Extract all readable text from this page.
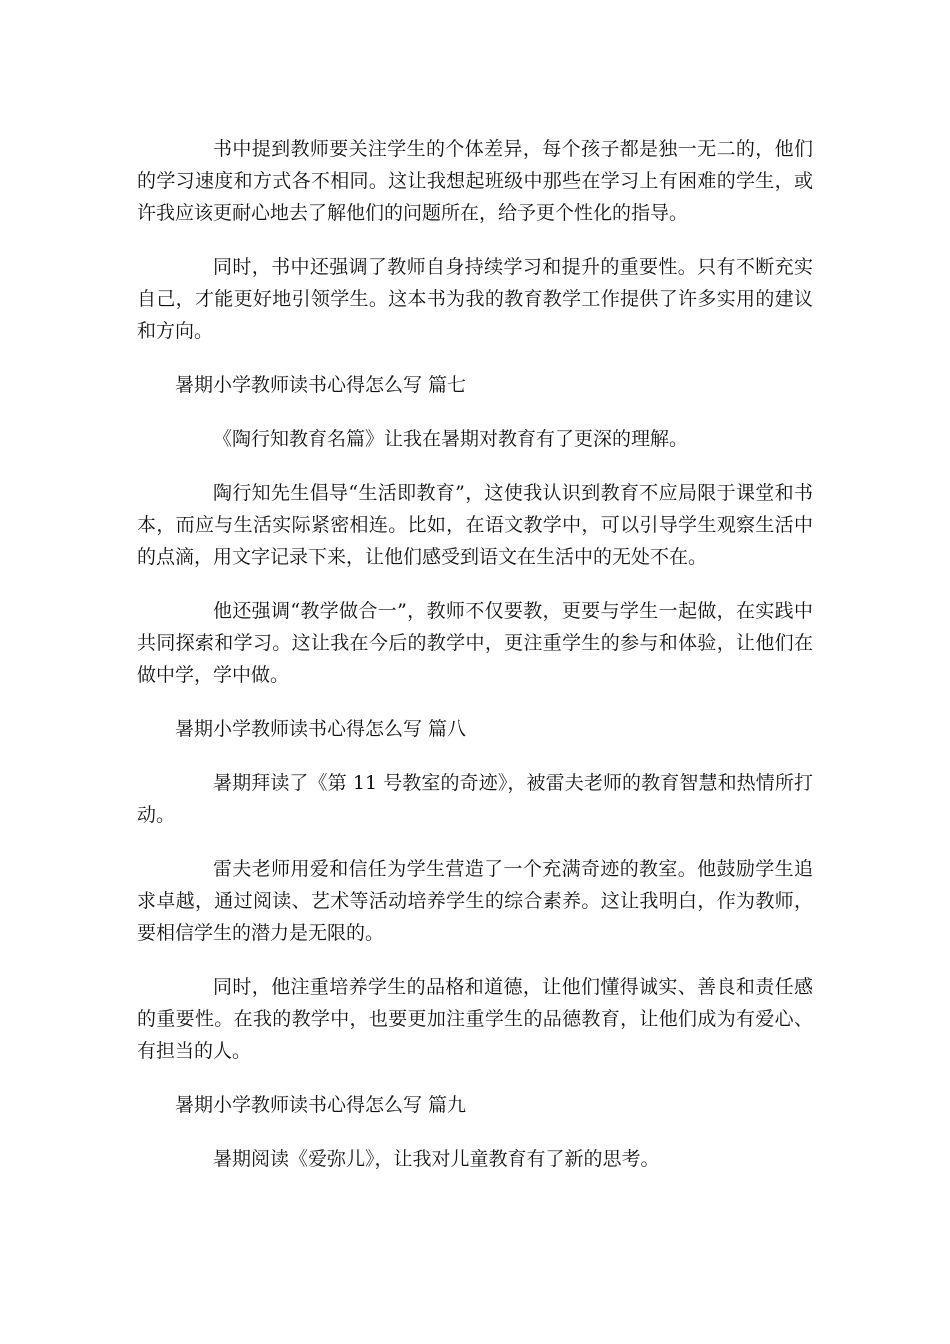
书中提到教师要关注学生的个体差异，每个孩子都是独一无二的，他们的学习速度和方式各不相同。这让我想起班级中那些在学习上有困难的学生，或许我应该更耐心地去了解他们的问题所在，给予更个性化的指导。

同时，书中还强调了教师自身持续学习和提升的重要性。只有不断充实自己，才能更好地引领学生。这本书为我的教育教学工作提供了许多实用的建议和方向。

暑期小学教师读书心得怎么写 篇七

《陶行知教育名篇》让我在暑期对教育有了更深的理解。

陶行知先生倡导“生活即教育”，这使我认识到教育不应局限于课堂和书本，而应与生活实际紧密相连。比如，在语文教学中，可以引导学生观察生活中的点滴，用文字记录下来，让他们感受到语文在生活中的无处不在。

他还强调“教学做合一”，教师不仅要教，更要与学生一起做，在实践中共同探索和学习。这让我在今后的教学中，更注重学生的参与和体验，让他们在做中学，学中做。

暑期小学教师读书心得怎么写 篇八

暑期拜读了《第 11 号教室的奇迹》，被雷夫老师的教育智慧和热情所打动。

雷夫老师用爱和信任为学生营造了一个充满奇迹的教室。他鼓励学生追求卓越，通过阅读、艺术等活动培养学生的综合素养。这让我明白，作为教师，要相信学生的潜力是无限的。

同时，他注重培养学生的品格和道德，让他们懂得诚实、善良和责任感的重要性。在我的教学中，也要更加注重学生的品德教育，让他们成为有爱心、有担当的人。

暑期小学教师读书心得怎么写 篇九

暑期阅读《爱弥儿》，让我对儿童教育有了新的思考。
